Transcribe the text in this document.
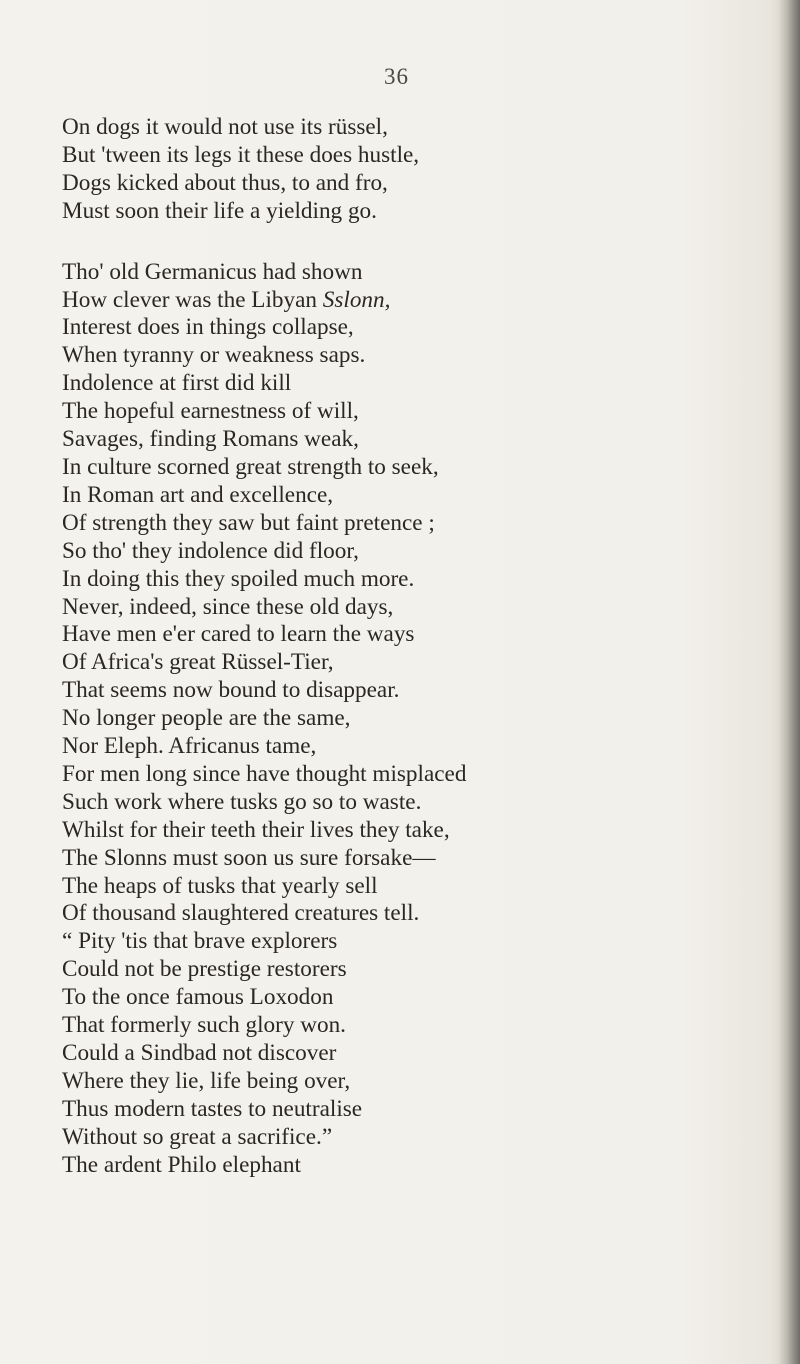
36
On dogs it would not use its rüssel,
But 'tween its legs it these does hustle,
Dogs kicked about thus, to and fro,
Must soon their life a yielding go.
Tho' old Germanicus had shown
How clever was the Libyan Sslonn,
Interest does in things collapse,
When tyranny or weakness saps.
Indolence at first did kill
The hopeful earnestness of will,
Savages, finding Romans weak,
In culture scorned great strength to seek,
In Roman art and excellence,
Of strength they saw but faint pretence ;
So tho' they indolence did floor,
In doing this they spoiled much more.
Never, indeed, since these old days,
Have men e'er cared to learn the ways
Of Africa's great Rüssel-Tier,
That seems now bound to disappear.
No longer people are the same,
Nor Eleph. Africanus tame,
For men long since have thought misplaced
Such work where tusks go so to waste.
Whilst for their teeth their lives they take,
The Slonns must soon us sure forsake—
The heaps of tusks that yearly sell
Of thousand slaughtered creatures tell.
“ Pity 'tis that brave explorers
Could not be prestige restorers
To the once famous Loxodon
That formerly such glory won.
Could a Sindbad not discover
Where they lie, life being over,
Thus modern tastes to neutralise
Without so great a sacrifice.”
The ardent Philo elephant
